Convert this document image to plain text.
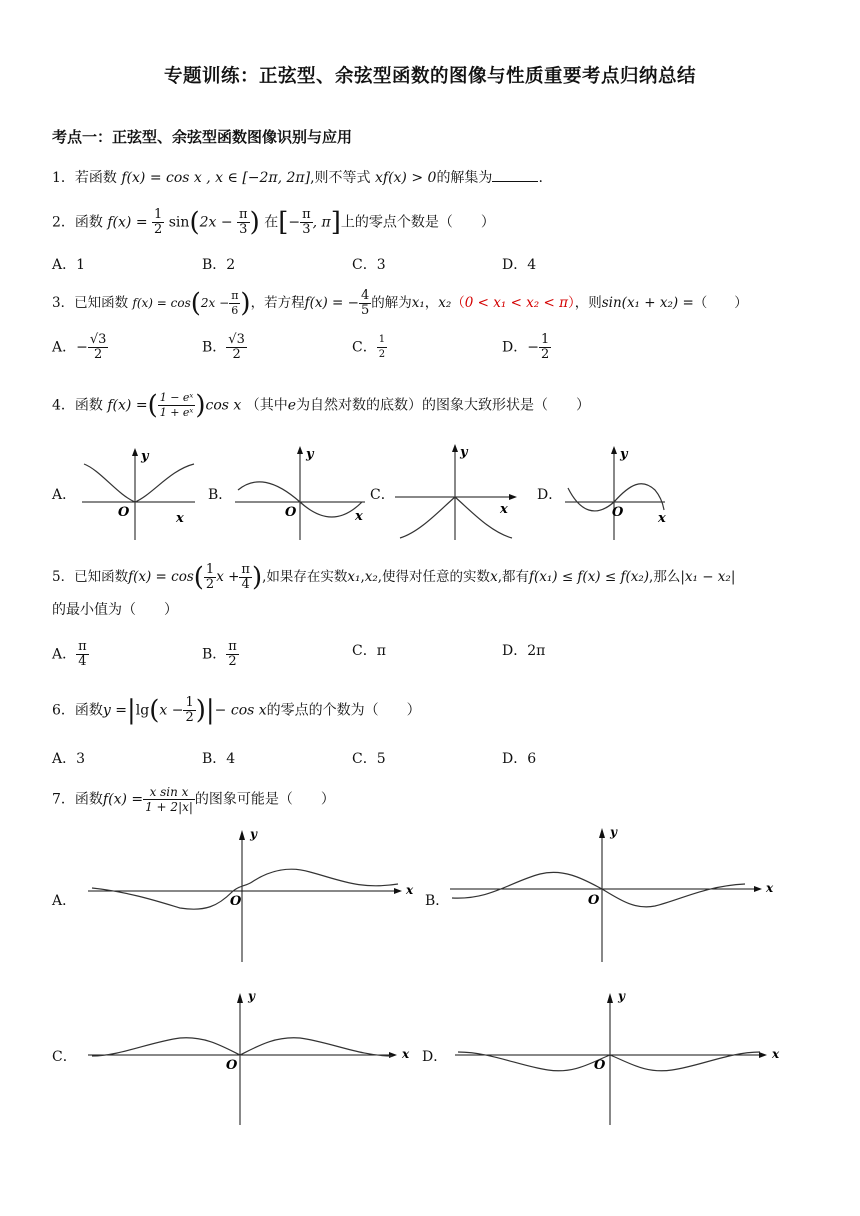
专题训练：正弦型、余弦型函数的图像与性质重要考点归纳总结
考点一：正弦型、余弦型函数图像识别与应用
1．若函数 f(x) = cos x , x ∈ [−2π, 2π],则不等式 xf(x) > 0的解集为	.
2．函数 $f(x) = \frac{1}{2} \sin(2x - \frac{\pi}{3}$ ) 在[− $\frac{\pi}{3}$ , π]上的零点个数是（　　）
A．1	B．2	C．3	D．4
3．已知函数 $f(x) = \cos(2x - \frac{\pi}{6}$ )，若方程f(x) = − $\frac{4}{5}$ 的解为x₁，x₂（0 < x₁ < x₂ < π），则sin(x₁ + x₂) =（　　）
A．− $\frac{√3}{2}$	B． $\frac{√3}{2}$	C． $\frac{1}{2}$	D．− $\frac{1}{2}$
4．函数 f(x) =( $\frac{\text{1 − eˣ}}{\text{1 + eˣ}} )\cos$ x （其中e为自然对数的底数）的图象大致形状是（　　）
A．	B．	C．	D．
y
O	x
y
O	x
y
x
y
O	x
5．已知函数$f(x) = \cos( \frac{1}{2}$ $x + \frac{\pi}{4}$ ),如果存在实数x₁,x₂,使得对任意的实数x,都有f(x₁) ≤ f(x) ≤ f(x₂),那么|x₁ − x₂|
的最小值为（　　）
A． $\frac{\pi}{4}$	B． $\frac{\pi}{2}$	C．π	D．2π
6．函数$y =|\lg(x - \frac{1}{2}$ )|− cos x的零点的个数为（　　）
A．3	B．4	C．5	D．6
7．函数$f(x) = \frac{\text{x sin x}}{1 + 2|x|}$ 的图象可能是（　　）
A．	B．
C．	D．
y
O
x
y
O
x
y
O
x
y
O
x
